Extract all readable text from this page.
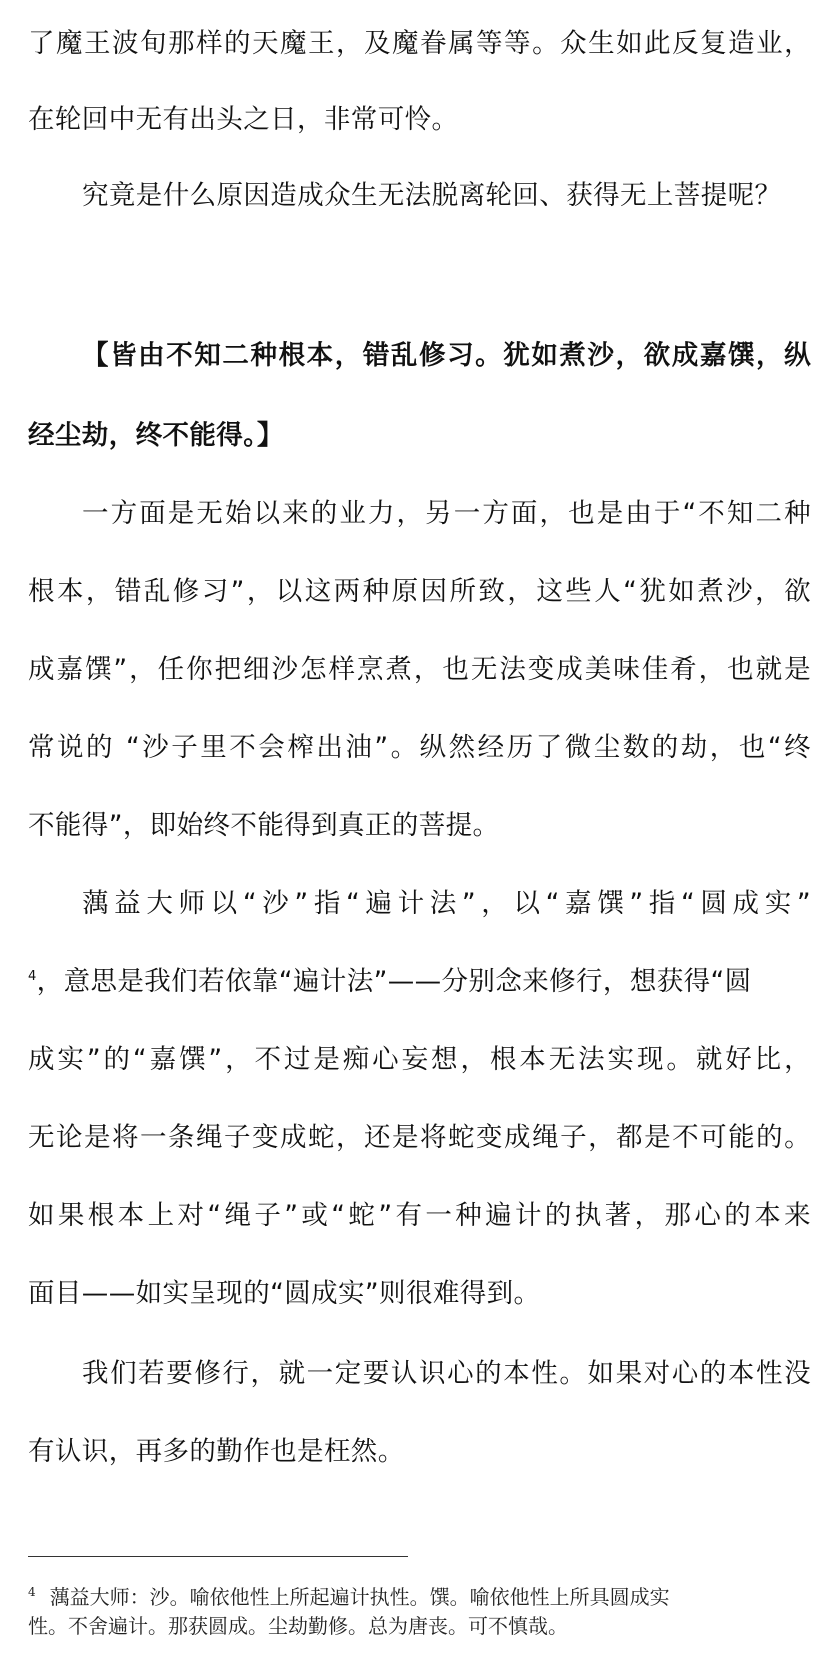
了魔王波旬那样的天魔王，及魔眷属等等。众生如此反复造业，
在轮回中无有出头之日，非常可怜。
究竟是什么原因造成众生无法脱离轮回、获得无上菩提呢？
【皆由不知二种根本，错乱修习。犹如煮沙，欲成嘉馔，纵
经尘劫，终不能得。】
一方面是无始以来的业力，另一方面，也是由于“不知二种
根本，错乱修习”，以这两种原因所致，这些人“犹如煮沙，欲
成嘉馔”，任你把细沙怎样烹煮，也无法变成美味佳肴，也就是
常说的 “沙子里不会榨出油”。纵然经历了微尘数的劫，也“终
不能得”，即始终不能得到真正的菩提。
蕅益大师以“沙”指“遍计法”，以“嘉馔”指“圆成实”
$^4$，意思是我们若依靠“遍计法”——分别念来修行，想获得“圆
成实”的“嘉馔”，不过是痴心妄想，根本无法实现。就好比，
无论是将一条绳子变成蛇，还是将蛇变成绳子，都是不可能的。
如果根本上对“绳子”或“蛇”有一种遍计的执著，那心的本来
面目——如实呈现的“圆成实”则很难得到。
我们若要修行，就一定要认识心的本性。如果对心的本性没
有认识，再多的勤作也是枉然。
$^4$ 蕅益大师：沙。喻依他性上所起遍计执性。馔。喻依他性上所具圆成实
性。不舍遍计。那获圆成。尘劫勤修。总为唐丧。可不慎哉。
